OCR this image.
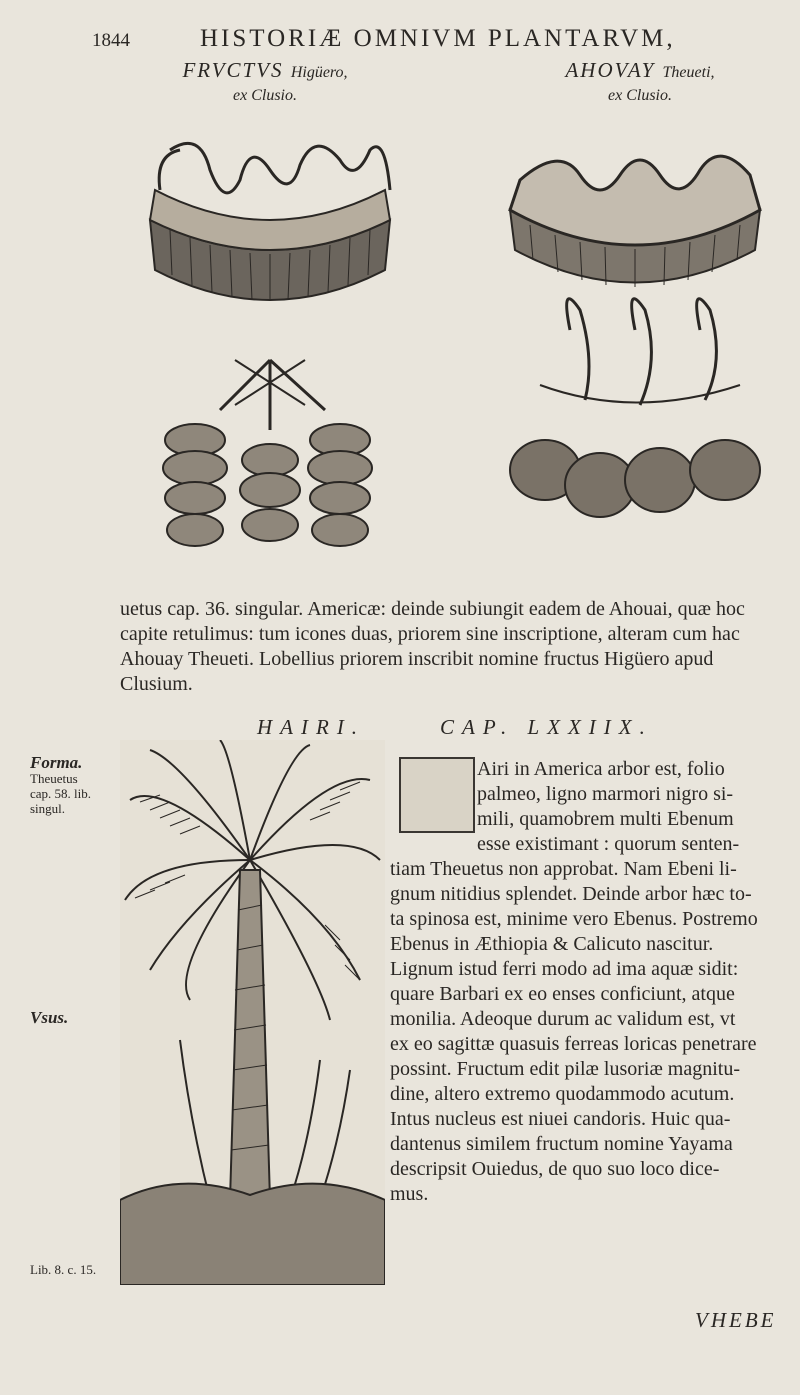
1844	HISTORIÆ OMNIVM PLANTARVM,
FRVCTVS Higüero,
ex Clusio.
AHOVAY Theueti,
ex Clusio.
uetus cap. 36. singular. Americæ: deinde subiungit eadem de Ahouai, quæ hoc
capite retulimus: tum icones duas, priorem sine inscriptione, alteram cum hac
Ahouay Theueti. Lobellius priorem inscribit nomine fructus Higüero apud
Clusium.
HAIRI.	CAP. LXXIIX.
Forma.
Theuetus
cap. 58. lib.
singul.
Vsus.
Lib. 8. c. 15.
Airi in America arbor est, folio
palmeo, ligno marmori nigro si-
mili, quamobrem multi Ebenum
esse existimant : quorum senten-
tiam Theuetus non approbat. Nam Ebeni li-
gnum nitidius splendet. Deinde arbor hæc to-
ta spinosa est, minime vero Ebenus. Postremo
Ebenus in Æthiopia & Calicuto nascitur.
Lignum istud ferri modo ad ima aquæ sidit:
quare Barbari ex eo enses conficiunt, atque
monilia. Adeoque durum ac validum est, vt
ex eo sagittæ quasuis ferreas loricas penetrare
possint. Fructum edit pilæ lusoriæ magnitu-
dine, altero extremo quodammodo acutum.
Intus nucleus est niuei candoris. Huic qua-
dantenus similem fructum nomine Yayama
descripsit Ouiedus, de quo suo loco dice-
mus.
VHEBE
